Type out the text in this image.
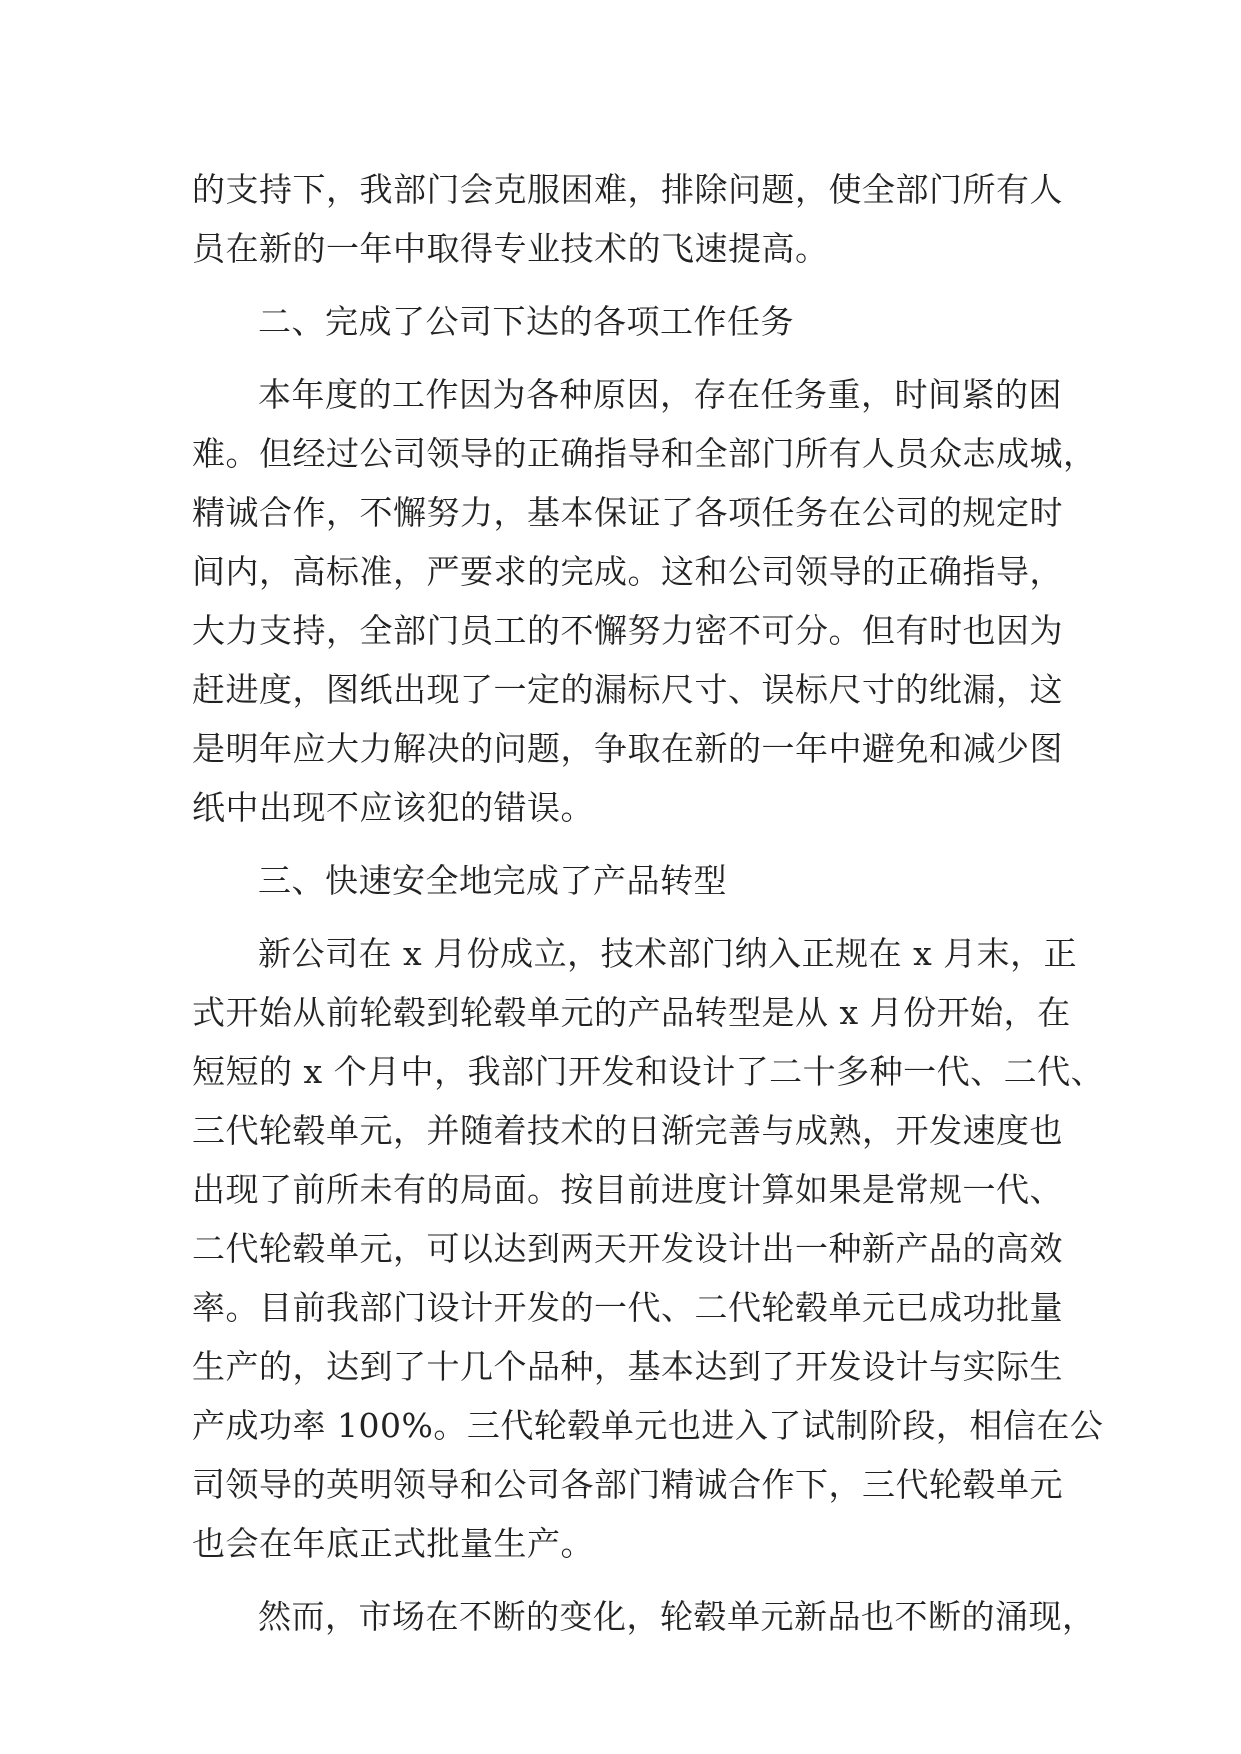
的支持下，我部门会克服困难，排除问题，使全部门所有人
员在新的一年中取得专业技术的飞速提高。
二、完成了公司下达的各项工作任务
本年度的工作因为各种原因，存在任务重，时间紧的困
难。但经过公司领导的正确指导和全部门所有人员众志成城，
精诚合作，不懈努力，基本保证了各项任务在公司的规定时
间内，高标准，严要求的完成。这和公司领导的正确指导，
大力支持，全部门员工的不懈努力密不可分。但有时也因为
赶进度，图纸出现了一定的漏标尺寸、误标尺寸的纰漏，这
是明年应大力解决的问题，争取在新的一年中避免和减少图
纸中出现不应该犯的错误。
三、快速安全地完成了产品转型
新公司在 x 月份成立，技术部门纳入正规在 x 月末，正
式开始从前轮毂到轮毂单元的产品转型是从 x 月份开始，在
短短的 x 个月中，我部门开发和设计了二十多种一代、二代、
三代轮毂单元，并随着技术的日渐完善与成熟，开发速度也
出现了前所未有的局面。按目前进度计算如果是常规一代、
二代轮毂单元，可以达到两天开发设计出一种新产品的高效
率。目前我部门设计开发的一代、二代轮毂单元已成功批量
生产的，达到了十几个品种，基本达到了开发设计与实际生
产成功率 100%。三代轮毂单元也进入了试制阶段，相信在公
司领导的英明领导和公司各部门精诚合作下，三代轮毂单元
也会在年底正式批量生产。
然而，市场在不断的变化，轮毂单元新品也不断的涌现，
